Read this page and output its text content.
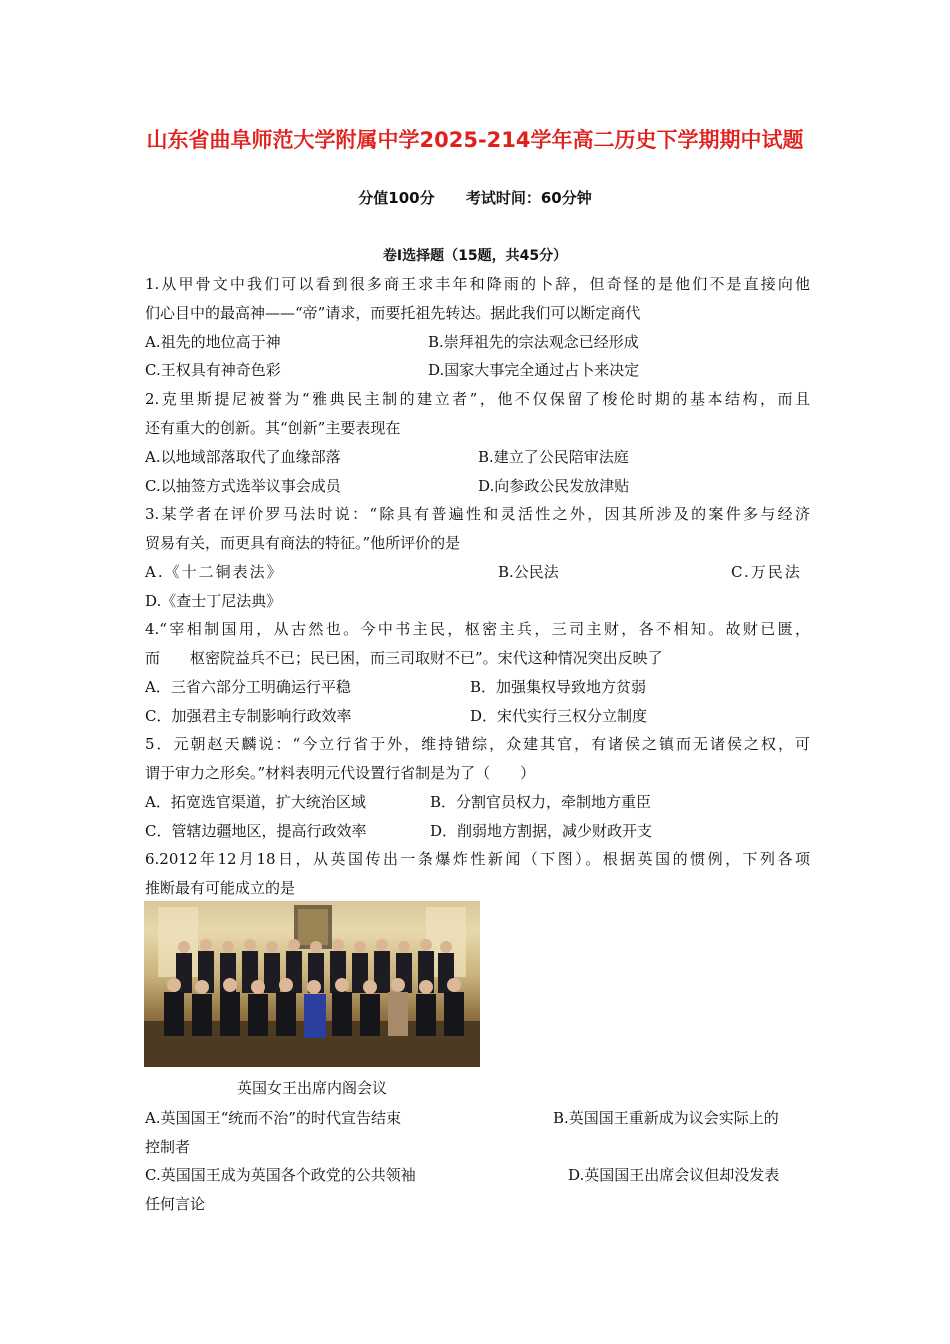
山东省曲阜师范大学附属中学2025-214学年高二历史下学期期中试题
分值100分 考试时间：60分钟
卷I选择题（15题，共45分）
1.从甲骨文中我们可以看到很多商王求丰年和降雨的卜辞，但奇怪的是他们不是直接向他
们心目中的最高神——“帝”请求，而要托祖先转达。据此我们可以断定商代
A.祖先的地位高于神	B.崇拜祖先的宗法观念已经形成
C.王权具有神奇色彩	D.国家大事完全通过占卜来决定
2.克里斯提尼被誉为“雅典民主制的建立者”，他不仅保留了梭伦时期的基本结构，而且
还有重大的创新。其“创新”主要表现在
A.以地域部落取代了血缘部落	B.建立了公民陪审法庭
C.以抽签方式选举议事会成员	D.向参政公民发放津贴
3.某学者在评价罗马法时说：“除具有普遍性和灵活性之外，因其所涉及的案件多与经济
贸易有关，而更具有商法的特征。”他所评价的是
A.《十二铜表法》	B.公民法	C.万民法
D.《查士丁尼法典》
4.“宰相制国用，从古然也。今中书主民，枢密主兵，三司主财，各不相知。故财已匮，
而　　枢密院益兵不已；民已困，而三司取财不已”。宋代这种情况突出反映了
A．三省六部分工明确运行平稳	B．加强集权导致地方贫弱
C．加强君主专制影响行政效率	D．宋代实行三权分立制度
5．元朝赵天麟说：“今立行省于外，维持错综，众建其官，有诸侯之镇而无诸侯之权，可
谓于审力之形矣。”材料表明元代设置行省制是为了（　　）
A．拓宽选官渠道，扩大统治区域	B．分割官员权力，牵制地方重臣
C．管辖边疆地区，提高行政效率	D．削弱地方割据，减少财政开支
6.2012年12月18日，从英国传出一条爆炸性新闻（下图）。根据英国的惯例，下列各项
推断最有可能成立的是
英国女王出席内阁会议
A.英国国王“统而不治”的时代宣告结束	B.英国国王重新成为议会实际上的
控制者
C.英国国王成为英国各个政党的公共领袖	D.英国国王出席会议但却没发表
任何言论
